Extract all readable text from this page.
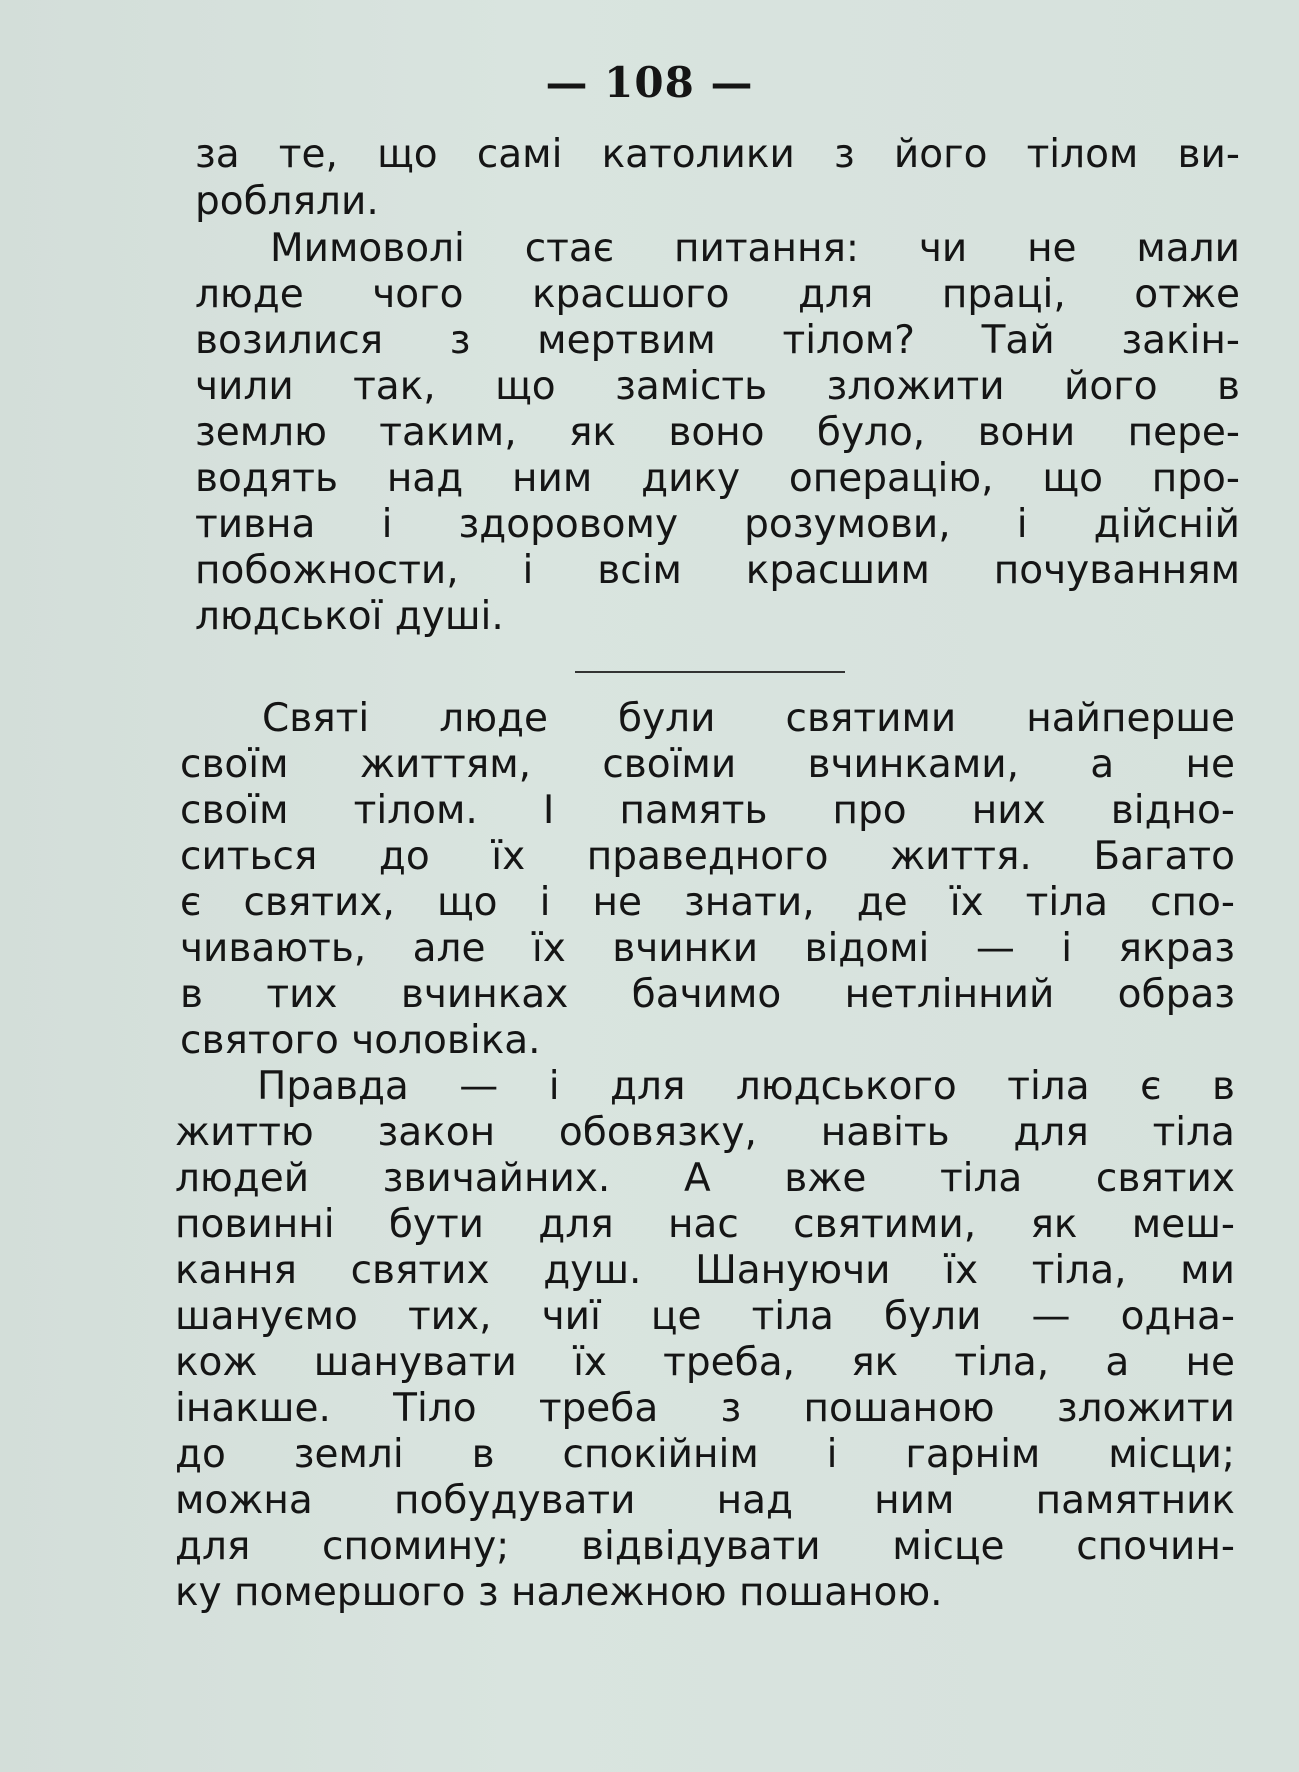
— 108 —
за те, що самі католики з його тілом ви-
робляли.
Мимоволі стає питання: чи не мали
люде чого красшого для праці, отже
возилися з мертвим тілом? Тай закін-
чили так, що замість зложити його в
землю таким, як воно було, вони пере-
водять над ним дику операцію, що про-
тивна і здоровому розумови, і дійсній
побожности, і всім красшим почуванням
людської душі.
Святі люде були святими найперше
своїм життям, своїми вчинками, а не
своїм тілом. І память про них відно-
ситься до їх праведного життя. Багато
є святих, що і не знати, де їх тіла спо-
чивають, але їх вчинки відомі — і якраз
в тих вчинках бачимо нетлінний образ
святого чоловіка.
Правда — і для людського тіла є в
життю закон обовязку, навіть для тіла
людей звичайних. А вже тіла святих
повинні бути для нас святими, як меш-
кання святих душ. Шануючи їх тіла, ми
шануємо тих, чиї це тіла були — одна-
кож шанувати їх треба, як тіла, а не
інакше. Тіло треба з пошаною зложити
до землі в спокійнім і гарнім місци;
можна побудувати над ним памятник
для спомину; відвідувати місце спочин-
ку помершого з належною пошаною.
